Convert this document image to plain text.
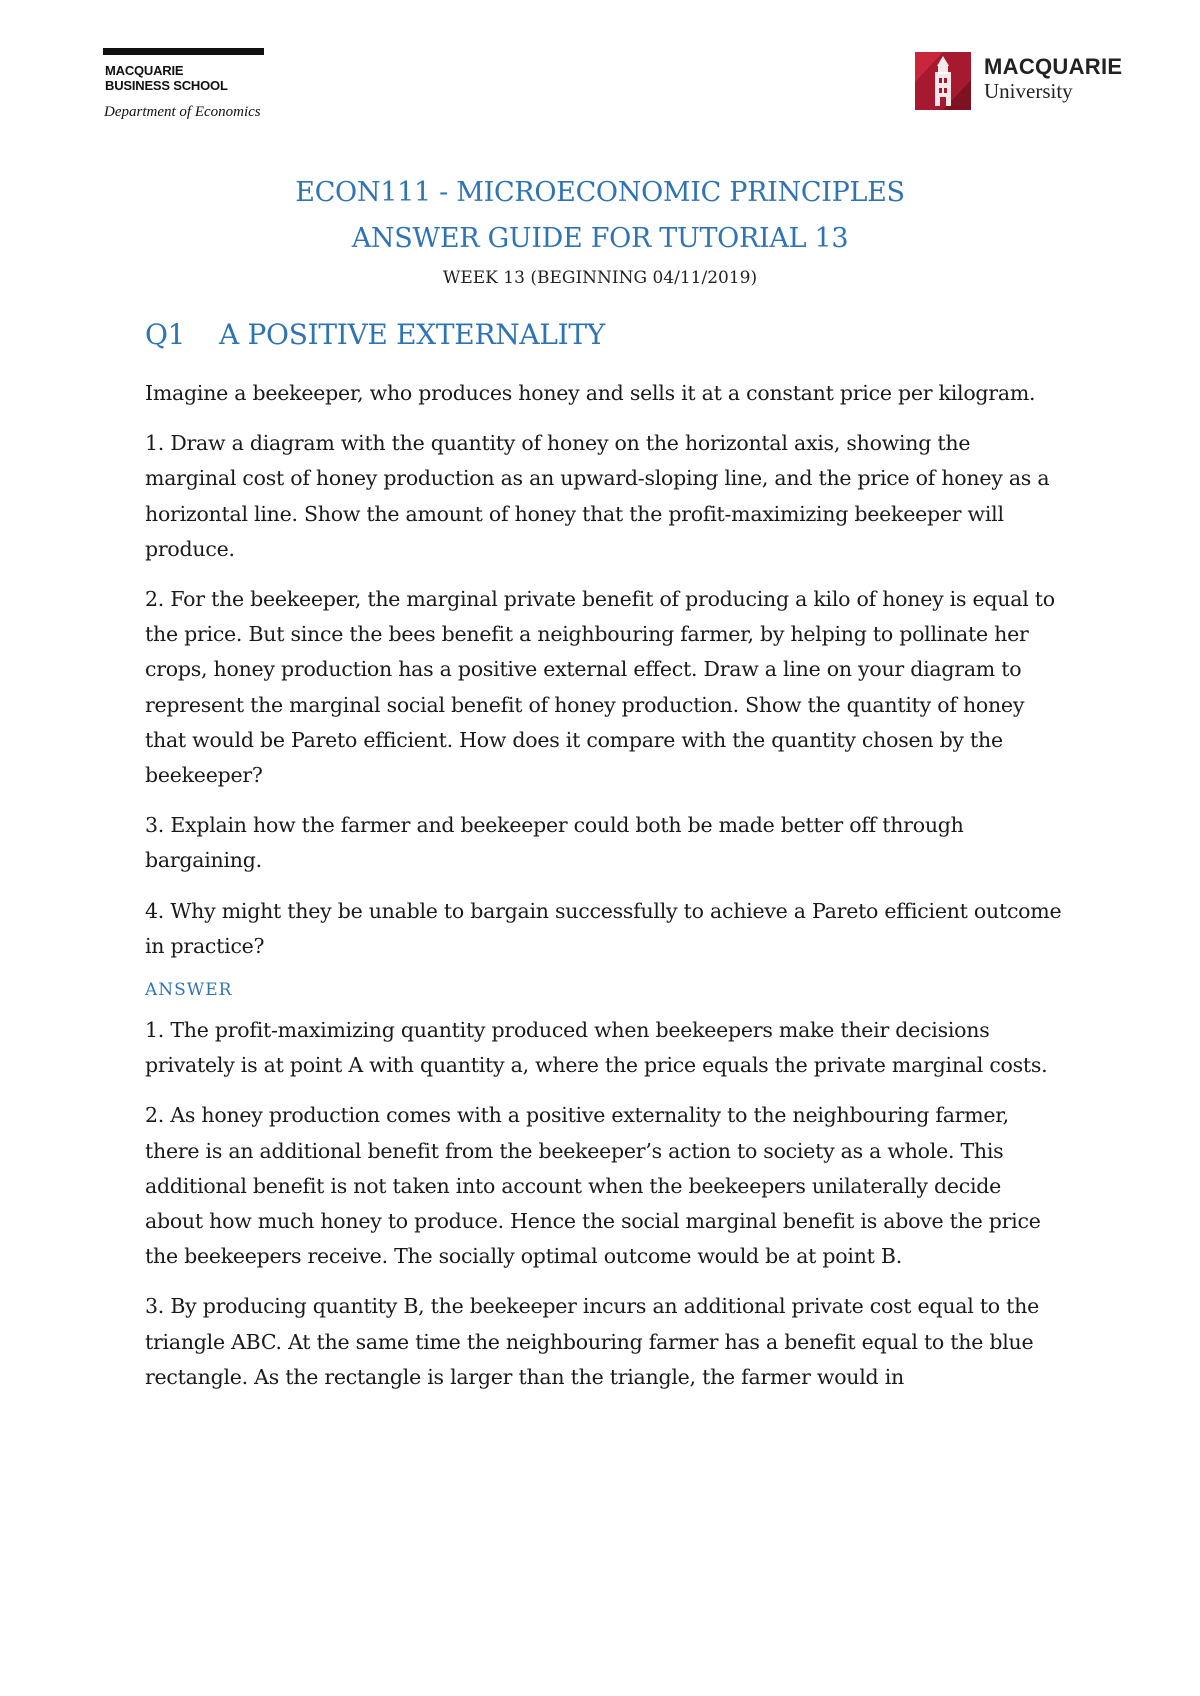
MACQUARIE
BUSINESS SCHOOL
Department of Economics
MACQUARIE
University
ECON111 - MICROECONOMIC PRINCIPLES
ANSWER GUIDE FOR TUTORIAL 13
WEEK 13 (BEGINNING 04/11/2019)
Q1 A POSITIVE EXTERNALITY

Imagine a beekeeper, who produces honey and sells it at a constant price per kilogram.

1. Draw a diagram with the quantity of honey on the horizontal axis, showing the marginal cost of honey production as an upward-sloping line, and the price of honey as a horizontal line. Show the amount of honey that the profit-maximizing beekeeper will produce.

2. For the beekeeper, the marginal private benefit of producing a kilo of honey is equal to the price. But since the bees benefit a neighbouring farmer, by helping to pollinate her crops, honey production has a positive external effect. Draw a line on your diagram to represent the marginal social benefit of honey production. Show the quantity of honey that would be Pareto efficient. How does it compare with the quantity chosen by the beekeeper?

3. Explain how the farmer and beekeeper could both be made better off through bargaining.

4. Why might they be unable to bargain successfully to achieve a Pareto efficient outcome in practice?

ANSWER

1. The profit-maximizing quantity produced when beekeepers make their decisions privately is at point A with quantity a, where the price equals the private marginal costs.

2. As honey production comes with a positive externality to the neighbouring farmer, there is an additional benefit from the beekeeper’s action to society as a whole. This additional benefit is not taken into account when the beekeepers unilaterally decide about how much honey to produce. Hence the social marginal benefit is above the price the beekeepers receive. The socially optimal outcome would be at point B.

3. By producing quantity B, the beekeeper incurs an additional private cost equal to the triangle ABC. At the same time the neighbouring farmer has a benefit equal to the blue rectangle. As the rectangle is larger than the triangle, the farmer would in
